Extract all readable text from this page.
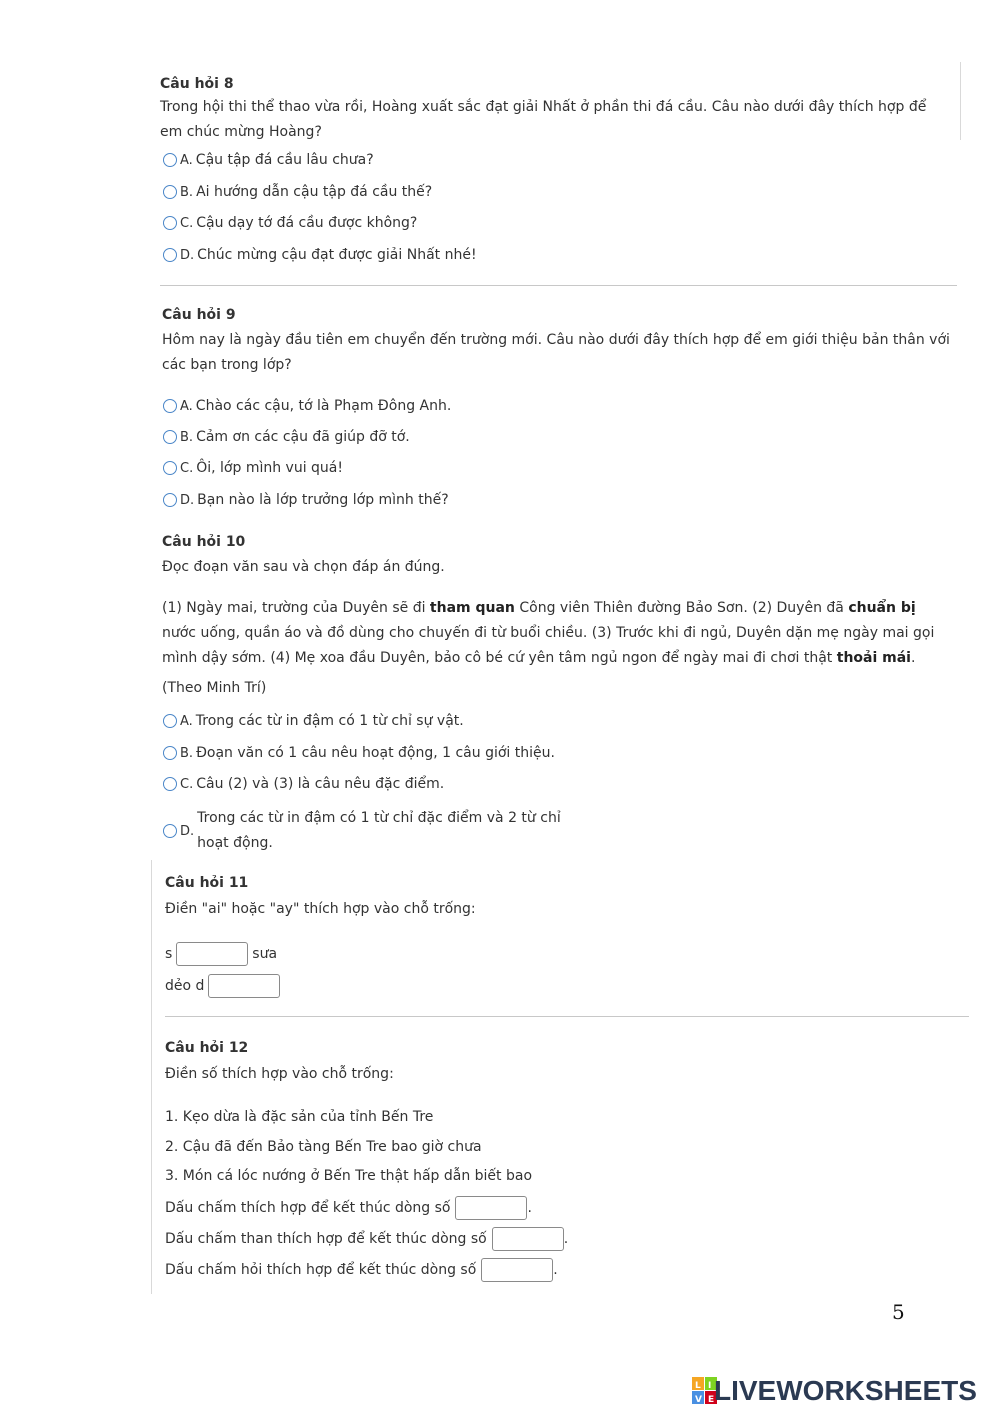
Câu hỏi 8
Trong hội thi thể thao vừa rồi, Hoàng xuất sắc đạt giải Nhất ở phần thi đá cầu. Câu nào dưới đây thích hợp để em chúc mừng Hoàng?
A. Cậu tập đá cầu lâu chưa?
B. Ai hướng dẫn cậu tập đá cầu thế?
C. Cậu dạy tớ đá cầu được không?
D. Chúc mừng cậu đạt được giải Nhất nhé!
Câu hỏi 9
Hôm nay là ngày đầu tiên em chuyển đến trường mới. Câu nào dưới đây thích hợp để em giới thiệu bản thân với các bạn trong lớp?
A. Chào các cậu, tớ là Phạm Đông Anh.
B. Cảm ơn các cậu đã giúp đỡ tớ.
C. Ôi, lớp mình vui quá!
D. Bạn nào là lớp trưởng lớp mình thế?
Câu hỏi 10
Đọc đoạn văn sau và chọn đáp án đúng.
(1) Ngày mai, trường của Duyên sẽ đi tham quan Công viên Thiên đường Bảo Sơn. (2) Duyên đã chuẩn bị nước uống, quần áo và đồ dùng cho chuyến đi từ buổi chiều. (3) Trước khi đi ngủ, Duyên dặn mẹ ngày mai gọi mình dậy sớm. (4) Mẹ xoa đầu Duyên, bảo cô bé cứ yên tâm ngủ ngon để ngày mai đi chơi thật thoải mái.
(Theo Minh Trí)
A. Trong các từ in đậm có 1 từ chỉ sự vật.
B. Đoạn văn có 1 câu nêu hoạt động, 1 câu giới thiệu.
C. Câu (2) và (3) là câu nêu đặc điểm.
D.
Trong các từ in đậm có 1 từ chỉ đặc điểm và 2 từ chỉ
hoạt động.
Câu hỏi 11
Điền "ai" hoặc "ay" thích hợp vào chỗ trống:
s	sưa
dẻo d
Câu hỏi 12
Điền số thích hợp vào chỗ trống:
1. Kẹo dừa là đặc sản của tỉnh Bến Tre
2. Cậu đã đến Bảo tàng Bến Tre bao giờ chưa
3. Món cá lóc nướng ở Bến Tre thật hấp dẫn biết bao
Dấu chấm thích hợp để kết thúc dòng số	.
Dấu chấm than thích hợp để kết thúc dòng số	.
Dấu chấm hỏi thích hợp để kết thúc dòng số	.
5
L I
V E LIVEWORKSHEETS
